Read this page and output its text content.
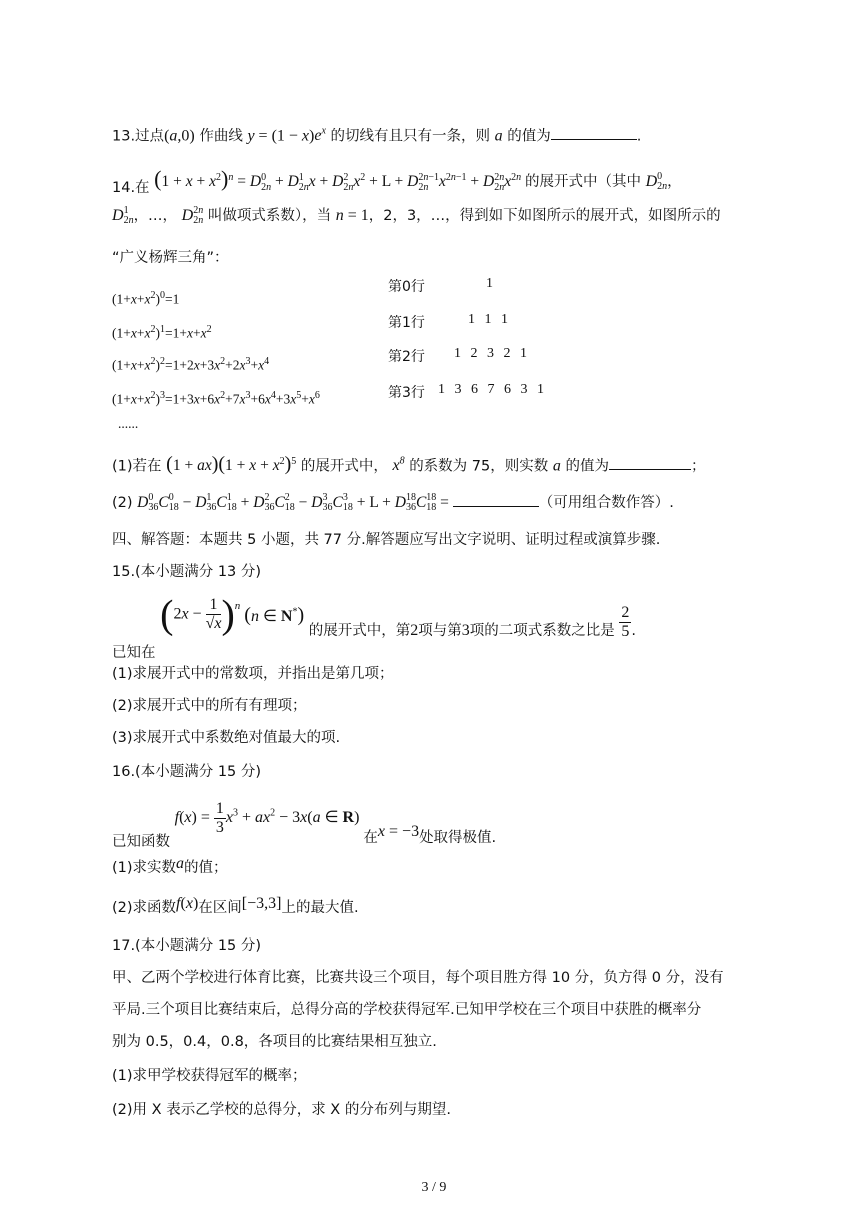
13.过点(a,0) 作曲线 $y = (1 - x)e^x$ 的切线有且只有一条，则 a 的值为	.
14.在 $(1 + x + x^2)^n = D0$
2n + D1
2nx + D2
$2nx^2 + L + D2n-1$
2n $x^{2n-1} + D2n$
$2nx^{2n}$ 的展开式中（其中 D0
2n，
D1
2n，…， D2n
2n 叫做项式系数），当 n = 1，2，3，…，得到如下如图所示的展开式，如图所示的
“广义杨辉三角”：
$(1+x+x^2)^0=1$
$(1+x+x^2)^1=1+x+x^2$
$(1+x+x^2)^2=1+2x+3x^2+2x^3+x^4$
$(1+x+x^2)^3=1+3x+6x^2+7x^3+6x^4+3x^5+x^6$
第0行	1
第1行	1 1 1
第2行 1 2 3 2 1
第3行 1 3 6 7 6 3 1
......
(1)若在 $(1 + ax)(1 + x + x^2)^5$ 的展开式中， $x^8$ 的系数为 75，则实数 a 的值为	；
(2) D0
36C0
18 − D1
36C1
18 + D2
36C2
18 − D3
36C3
18 + L + D18
36C18
18 =	（可用组合数作答）.
四、解答题：本题共 5 小题，共 77 分.解答题应写出文字说明、证明过程或演算步骤.
15.(本小题满分 13 分)
已知在 $(2x - \frac{1}{√x} )^n$ (n ∈ N*) 的展开式中，第2项与第3项的二项式系数之比是 $\frac{2}{5}$ .
(1)求展开式中的常数项，并指出是第几项；
(2)求展开式中的所有有理项；
(3)求展开式中系数绝对值最大的项.
16.(本小题满分 15 分)
已知函数 $f(x) = \frac{1}{3} x^3 + ax^2 - 3x(a$ ∈ R) 在x = −3处取得极值.
(1)求实数a的值；
(2)求函数f(x)在区间[−3,3]上的最大值.
17.(本小题满分 15 分)
甲、乙两个学校进行体育比赛，比赛共设三个项目，每个项目胜方得 10 分，负方得 0 分，没有
平局.三个项目比赛结束后，总得分高的学校获得冠军.已知甲学校在三个项目中获胜的概率分
别为 0.5，0.4，0.8，各项目的比赛结果相互独立.
(1)求甲学校获得冠军的概率；
(2)用 X 表示乙学校的总得分，求 X 的分布列与期望.
3 / 9
